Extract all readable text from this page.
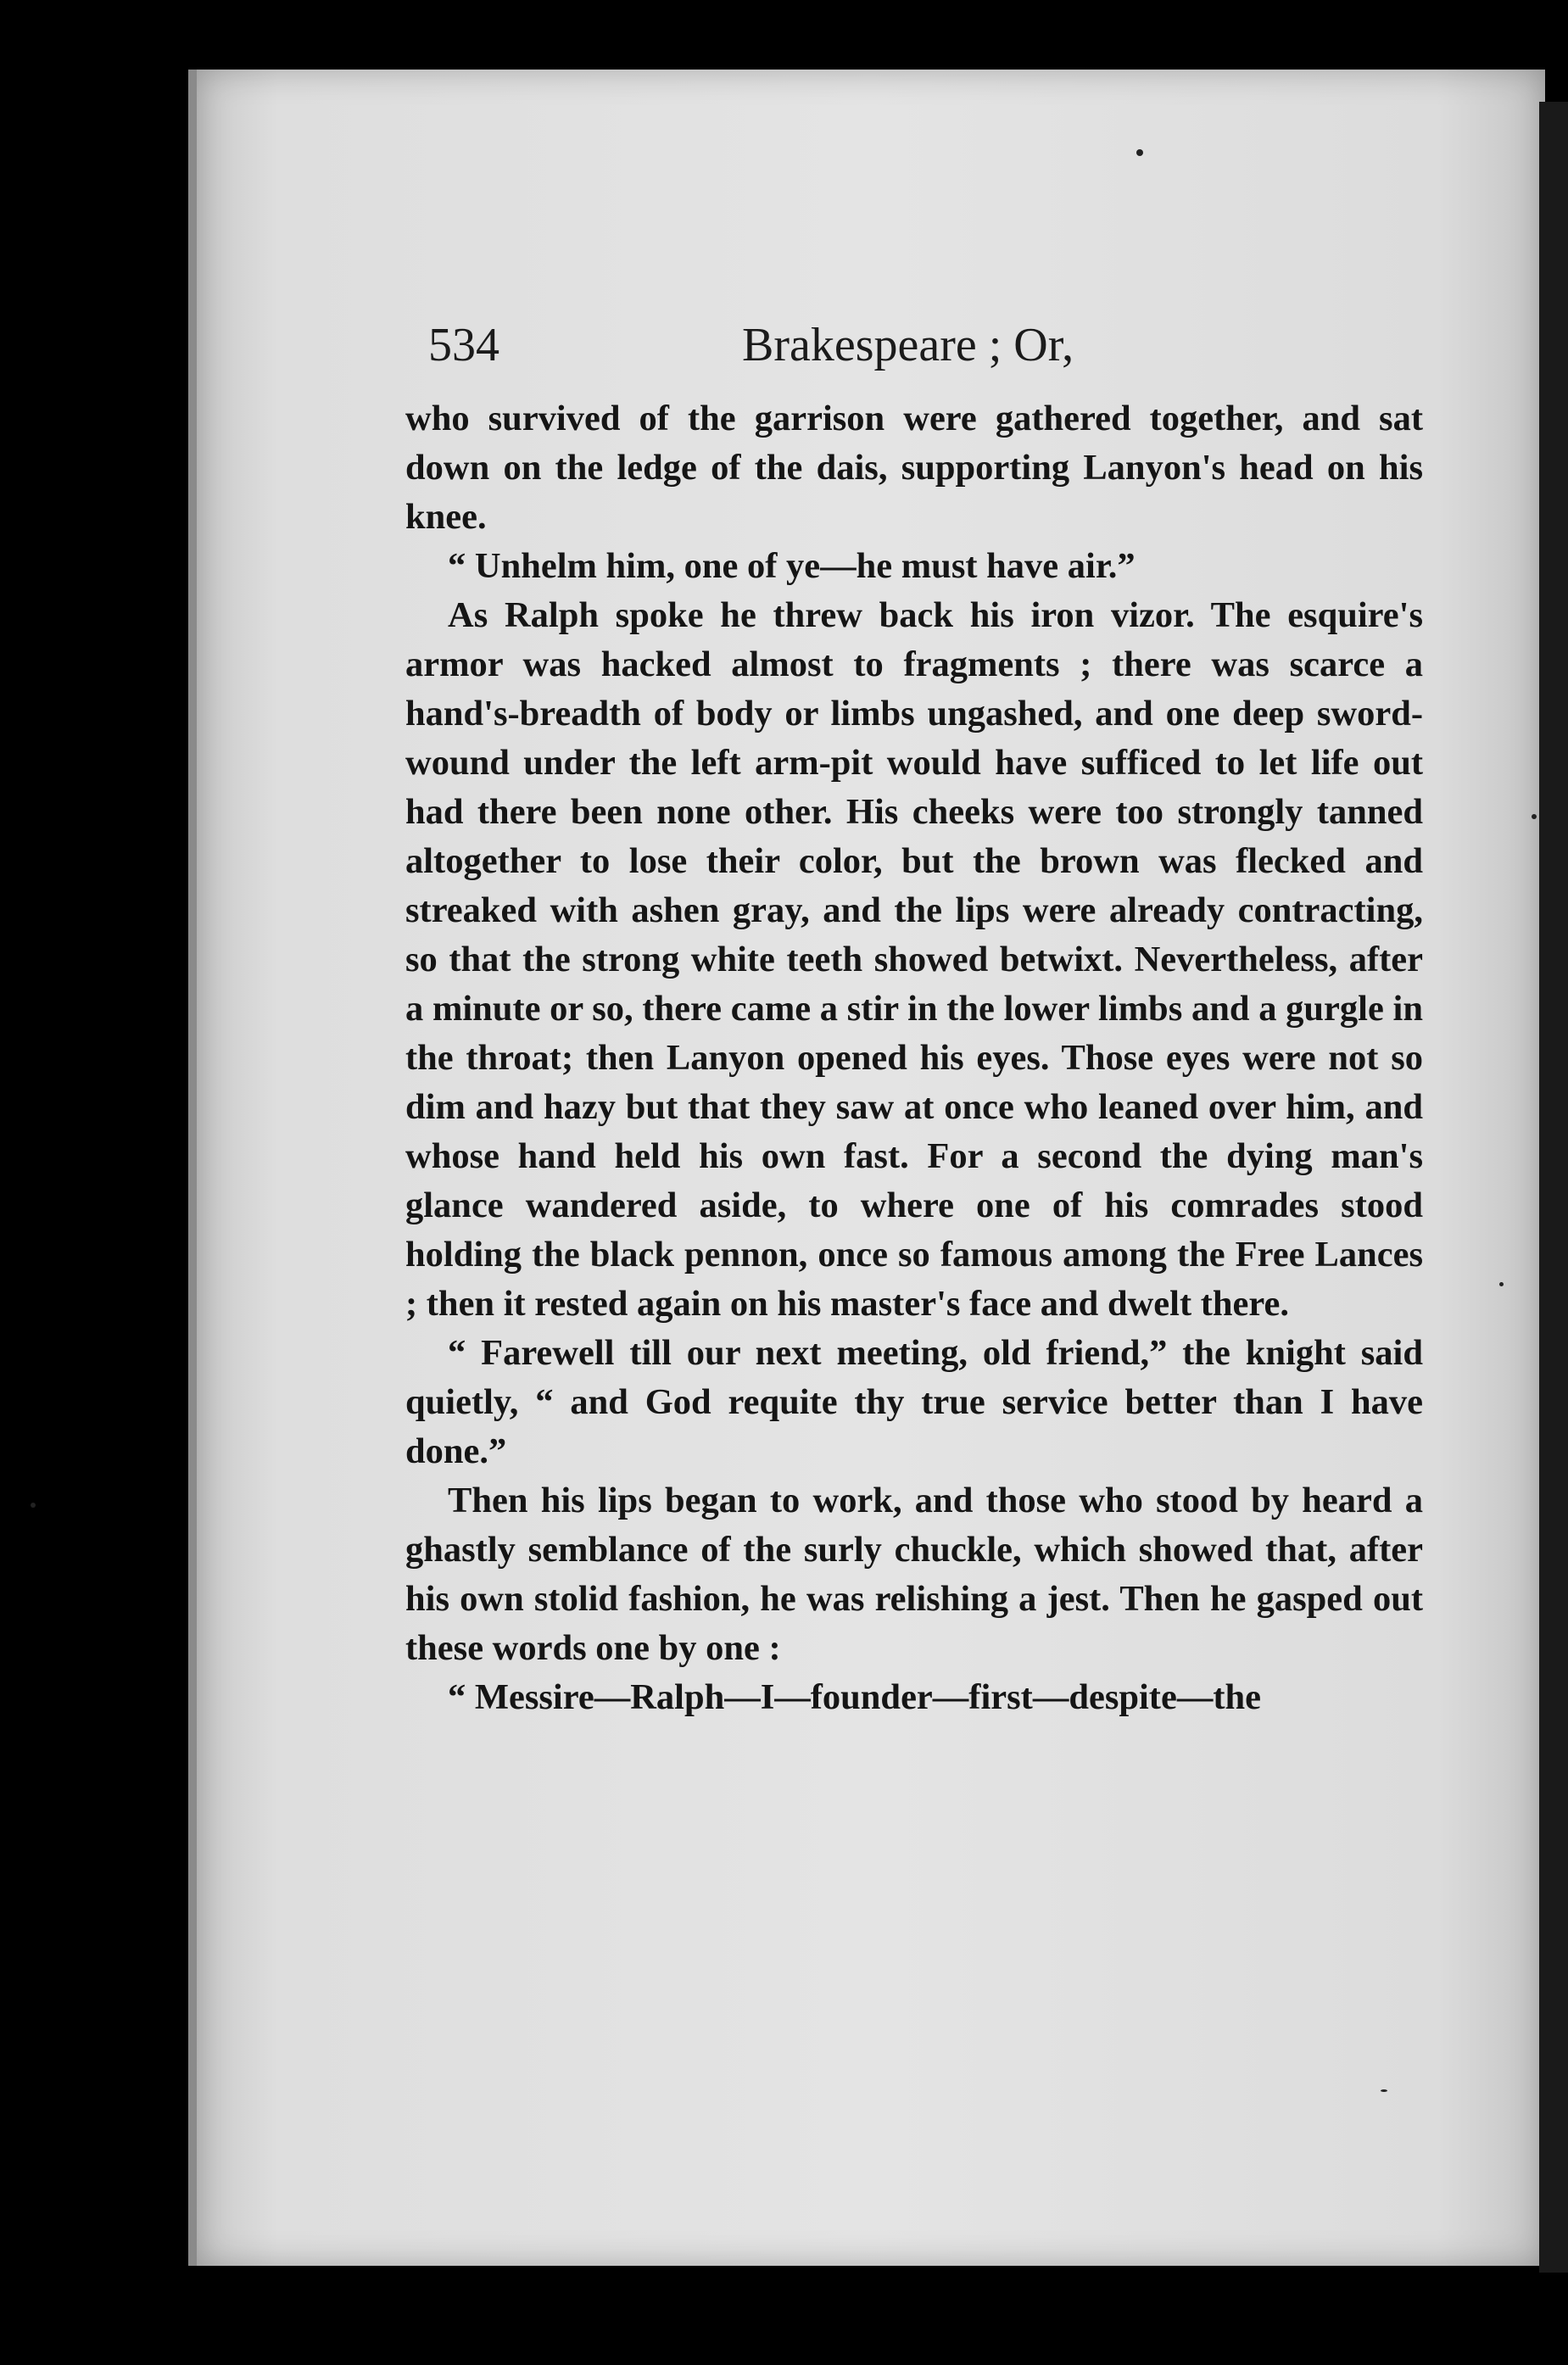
534	Brakespeare ; Or,

who survived of the garrison were gathered together, and sat down on the ledge of the dais, supporting Lanyon's head on his knee.

“ Unhelm him, one of ye—he must have air.”

As Ralph spoke he threw back his iron vizor. The esquire's armor was hacked almost to fragments ; there was scarce a hand's-breadth of body or limbs ungashed, and one deep sword-wound under the left arm-pit would have sufficed to let life out had there been none other. His cheeks were too strongly tanned altogether to lose their color, but the brown was flecked and streaked with ashen gray, and the lips were already contracting, so that the strong white teeth showed betwixt. Nevertheless, after a minute or so, there came a stir in the lower limbs and a gurgle in the throat; then Lanyon opened his eyes. Those eyes were not so dim and hazy but that they saw at once who leaned over him, and whose hand held his own fast. For a second the dying man's glance wandered aside, to where one of his comrades stood holding the black pennon, once so famous among the Free Lances ; then it rested again on his master's face and dwelt there.

“ Farewell till our next meeting, old friend,” the knight said quietly, “ and God requite thy true service better than I have done.”

Then his lips began to work, and those who stood by heard a ghastly semblance of the surly chuckle, which showed that, after his own stolid fashion, he was relishing a jest. Then he gasped out these words one by one :

“ Messire—Ralph—I—founder—first—despite—the
